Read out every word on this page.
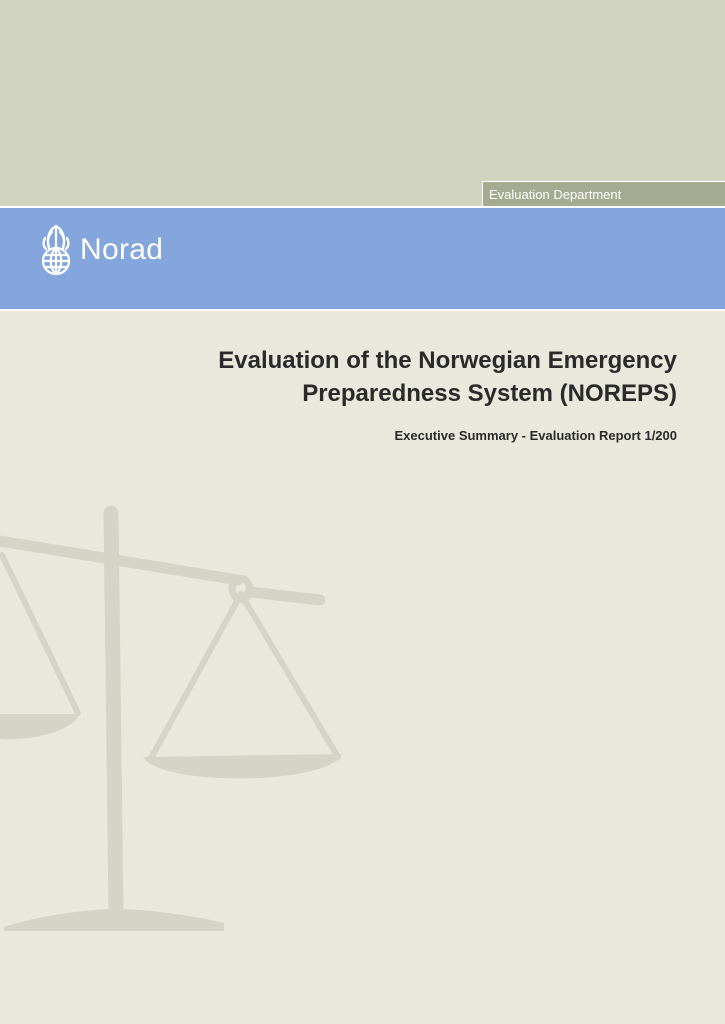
Evaluation Department
Norad
Evaluation of the Norwegian Emergency
Preparedness System (NOREPS)

Executive Summary - Evaluation Report 1/200
